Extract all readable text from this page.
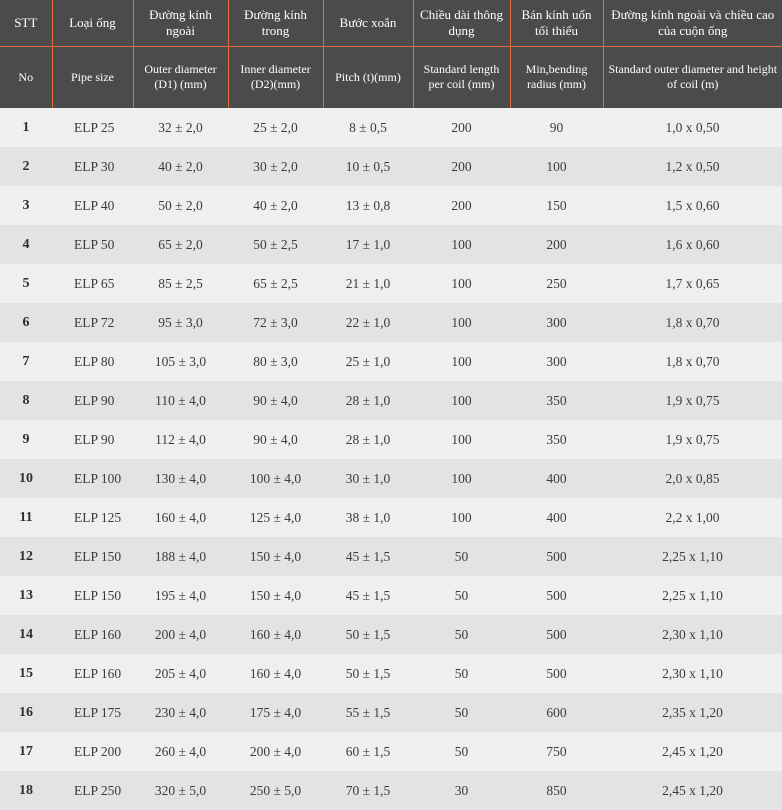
STT	Loại ống	Đường kính ngoài	Đường kính trong	Bước xoắn	Chiều dài thông dụng	Bán kính uốn tối thiểu	Đường kính ngoài và chiều cao của cuộn ống
No	Pipe size	Outer diameter (D1) (mm)	Inner diameter (D2)(mm)	Pitch (t)(mm)	Standard length per coil (mm)	Min,bending radius (mm)	Standard outer diameter and height of coil (m)
1	ELP 25	32 ± 2,0	25 ± 2,0	8 ± 0,5	200	90	1,0 x 0,50
2	ELP 30	40 ± 2,0	30 ± 2,0	10 ± 0,5	200	100	1,2 x 0,50
3	ELP 40	50 ± 2,0	40 ± 2,0	13 ± 0,8	200	150	1,5 x 0,60
4	ELP 50	65 ± 2,0	50 ± 2,5	17 ± 1,0	100	200	1,6 x 0,60
5	ELP 65	85 ± 2,5	65 ± 2,5	21 ± 1,0	100	250	1,7 x 0,65
6	ELP 72	95 ± 3,0	72 ± 3,0	22 ± 1,0	100	300	1,8 x 0,70
7	ELP 80	105 ± 3,0	80 ± 3,0	25 ± 1,0	100	300	1,8 x 0,70
8	ELP 90	110 ± 4,0	90 ± 4,0	28 ± 1,0	100	350	1,9 x 0,75
9	ELP 90	112 ± 4,0	90 ± 4,0	28 ± 1,0	100	350	1,9 x 0,75
10	ELP 100	130 ± 4,0	100 ± 4,0	30 ± 1,0	100	400	2,0 x 0,85
11	ELP 125	160 ± 4,0	125 ± 4,0	38 ± 1,0	100	400	2,2 x 1,00
12	ELP 150	188 ± 4,0	150 ± 4,0	45 ± 1,5	50	500	2,25 x 1,10
13	ELP 150	195 ± 4,0	150 ± 4,0	45 ± 1,5	50	500	2,25 x 1,10
14	ELP 160	200 ± 4,0	160 ± 4,0	50 ± 1,5	50	500	2,30 x 1,10
15	ELP 160	205 ± 4,0	160 ± 4,0	50 ± 1,5	50	500	2,30 x 1,10
16	ELP 175	230 ± 4,0	175 ± 4,0	55 ± 1,5	50	600	2,35 x 1,20
17	ELP 200	260 ± 4,0	200 ± 4,0	60 ± 1,5	50	750	2,45 x 1,20
18	ELP 250	320 ± 5,0	250 ± 5,0	70 ± 1,5	30	850	2,45 x 1,20
